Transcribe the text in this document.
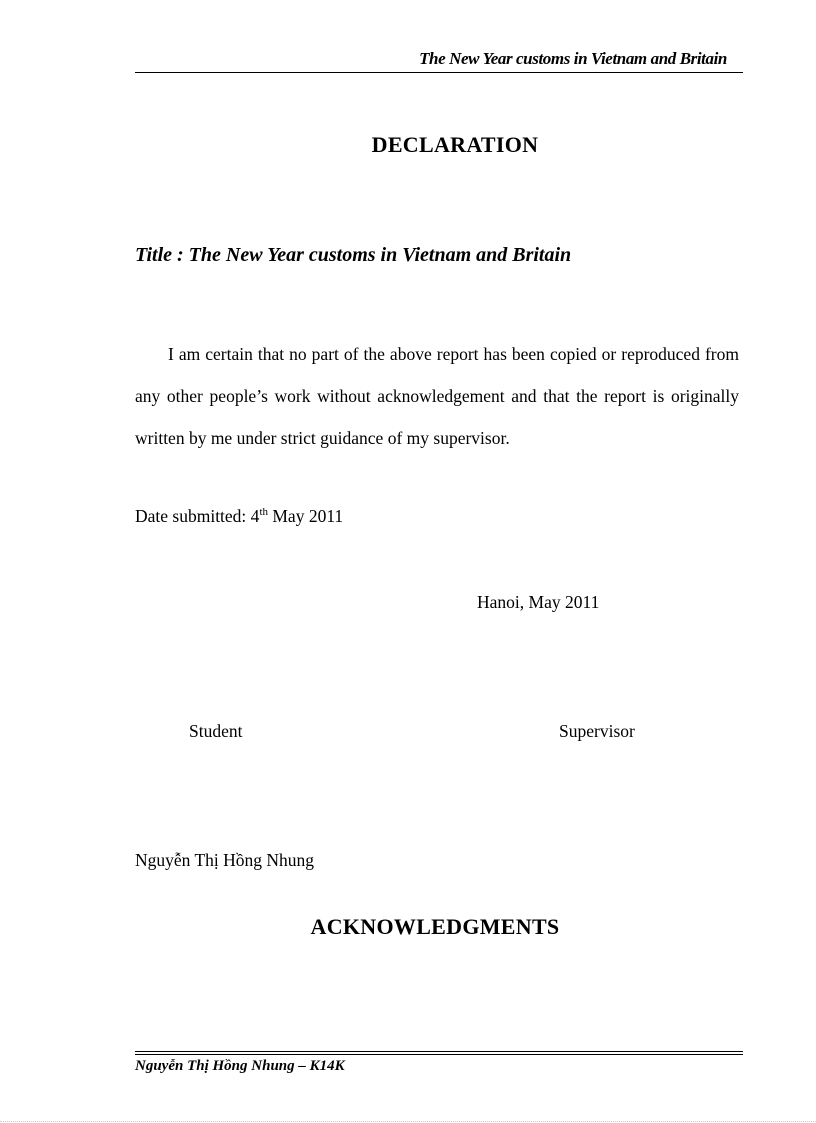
The New Year customs in Vietnam and Britain
DECLARATION
Title : The New Year customs in Vietnam and Britain

I am certain that no part of the above report has been copied or reproduced from any other people’s work without acknowledgement and that the report is originally written by me under strict guidance of my supervisor.

Date submitted: 4th May 2011
Hanoi, May 2011
Student	Supervisor
Nguyễn Thị Hồng Nhung
ACKNOWLEDGMENTS
Nguyễn Thị Hồng Nhung – K14K
